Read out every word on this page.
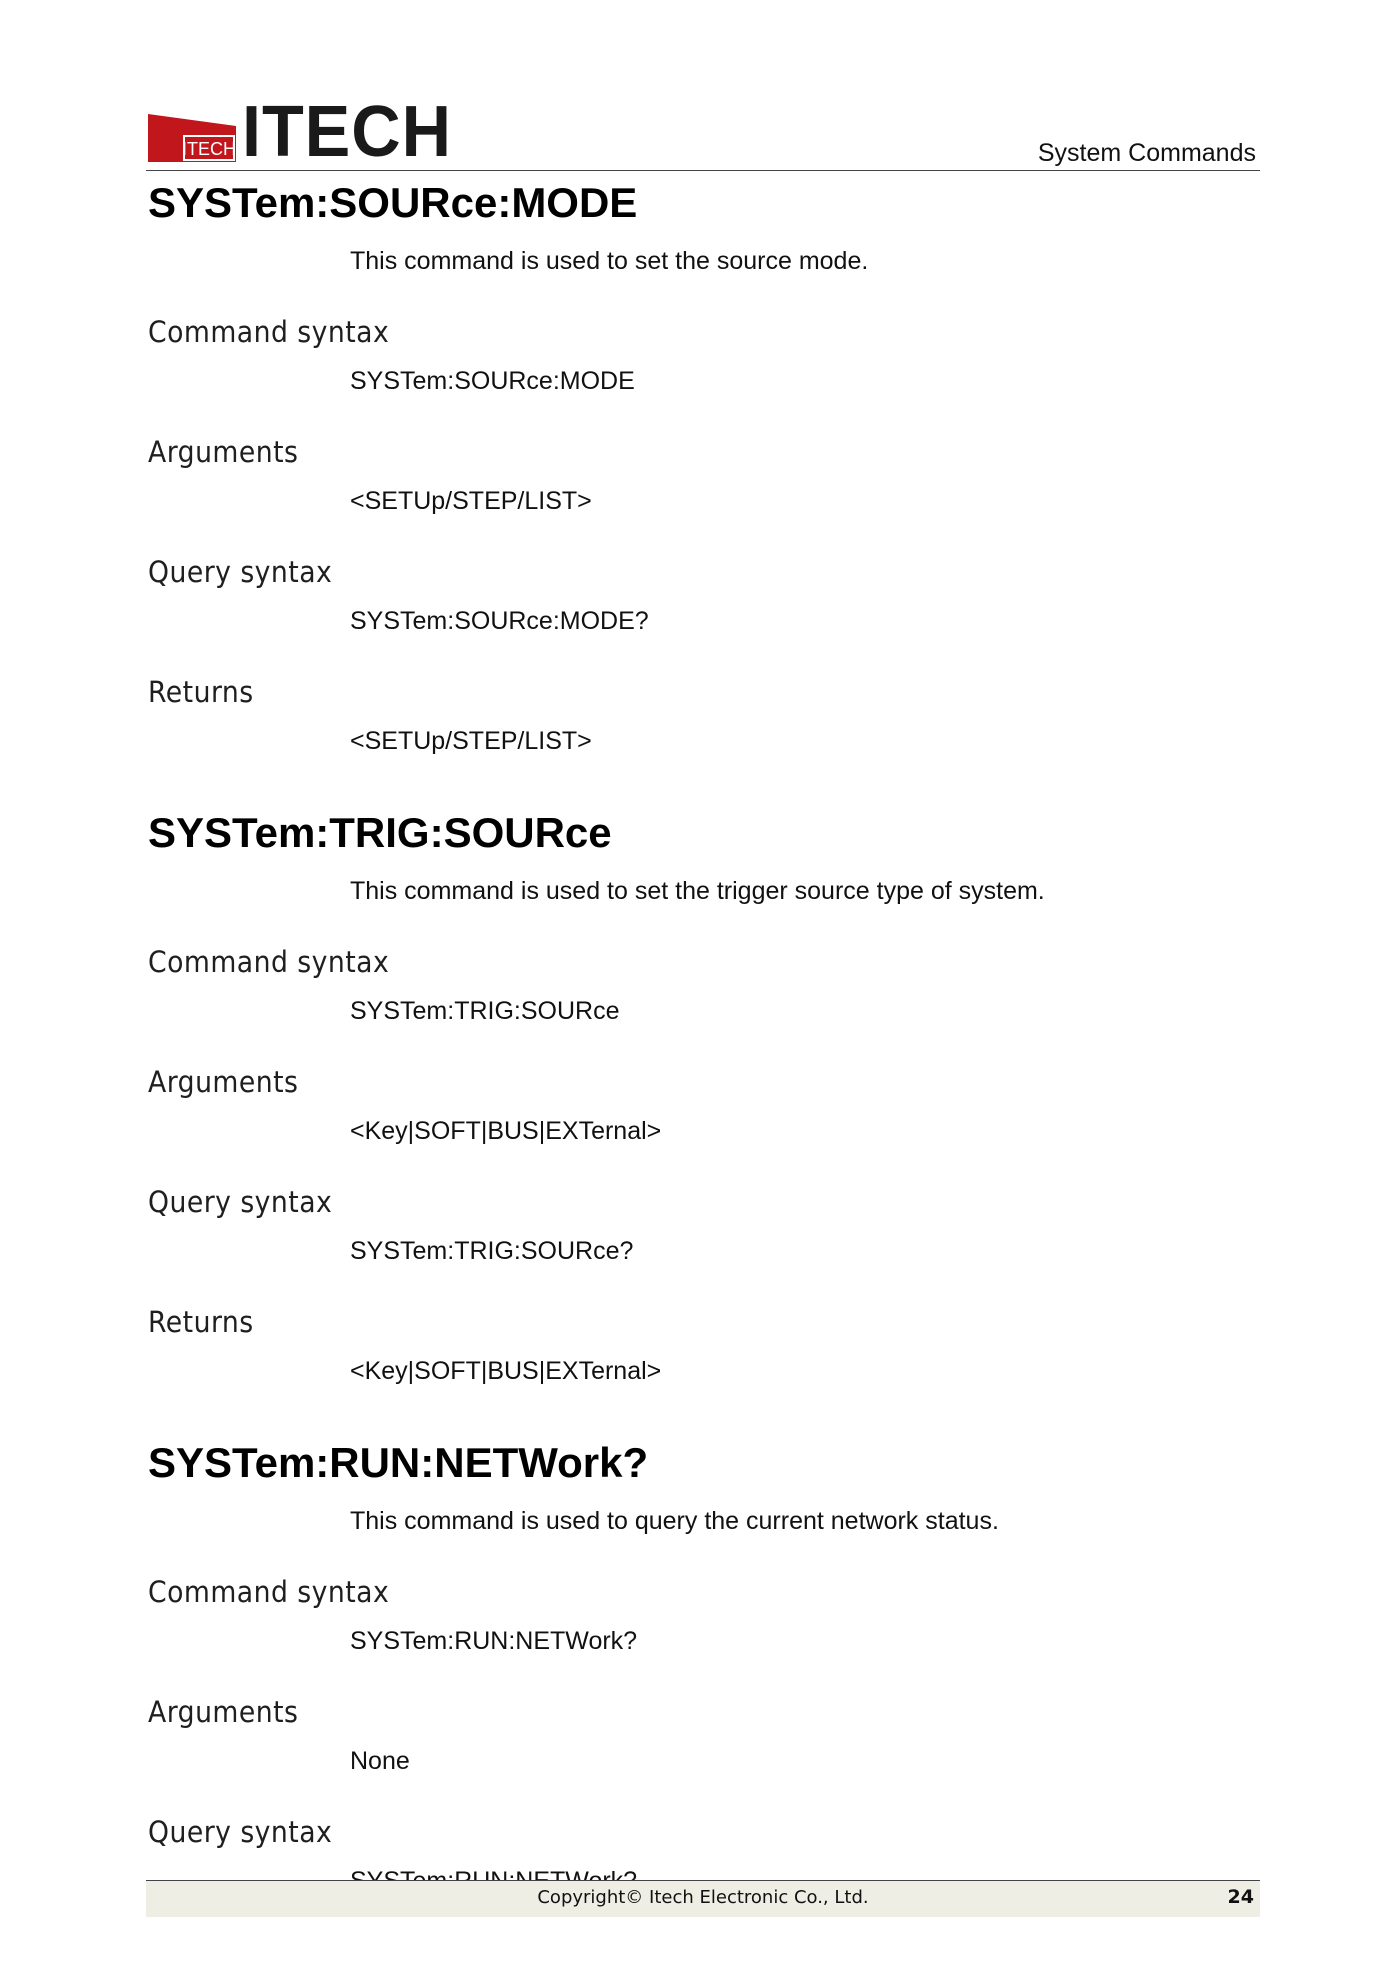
ITECH ITECH	System Commands
SYSTem:SOURce:MODE
This command is used to set the source mode.
Command syntax
SYSTem:SOURce:MODE
Arguments
<SETUp/STEP/LIST>
Query syntax
SYSTem:SOURce:MODE?
Returns
<SETUp/STEP/LIST>
SYSTem:TRIG:SOURce
This command is used to set the trigger source type of system.
Command syntax
SYSTem:TRIG:SOURce
Arguments
<Key|SOFT|BUS|EXTernal>
Query syntax
SYSTem:TRIG:SOURce?
Returns
<Key|SOFT|BUS|EXTernal>
SYSTem:RUN:NETWork?
This command is used to query the current network status.
Command syntax
SYSTem:RUN:NETWork?
Arguments
None
Query syntax
Copyright© Itech Electronic Co., Ltd.	24
